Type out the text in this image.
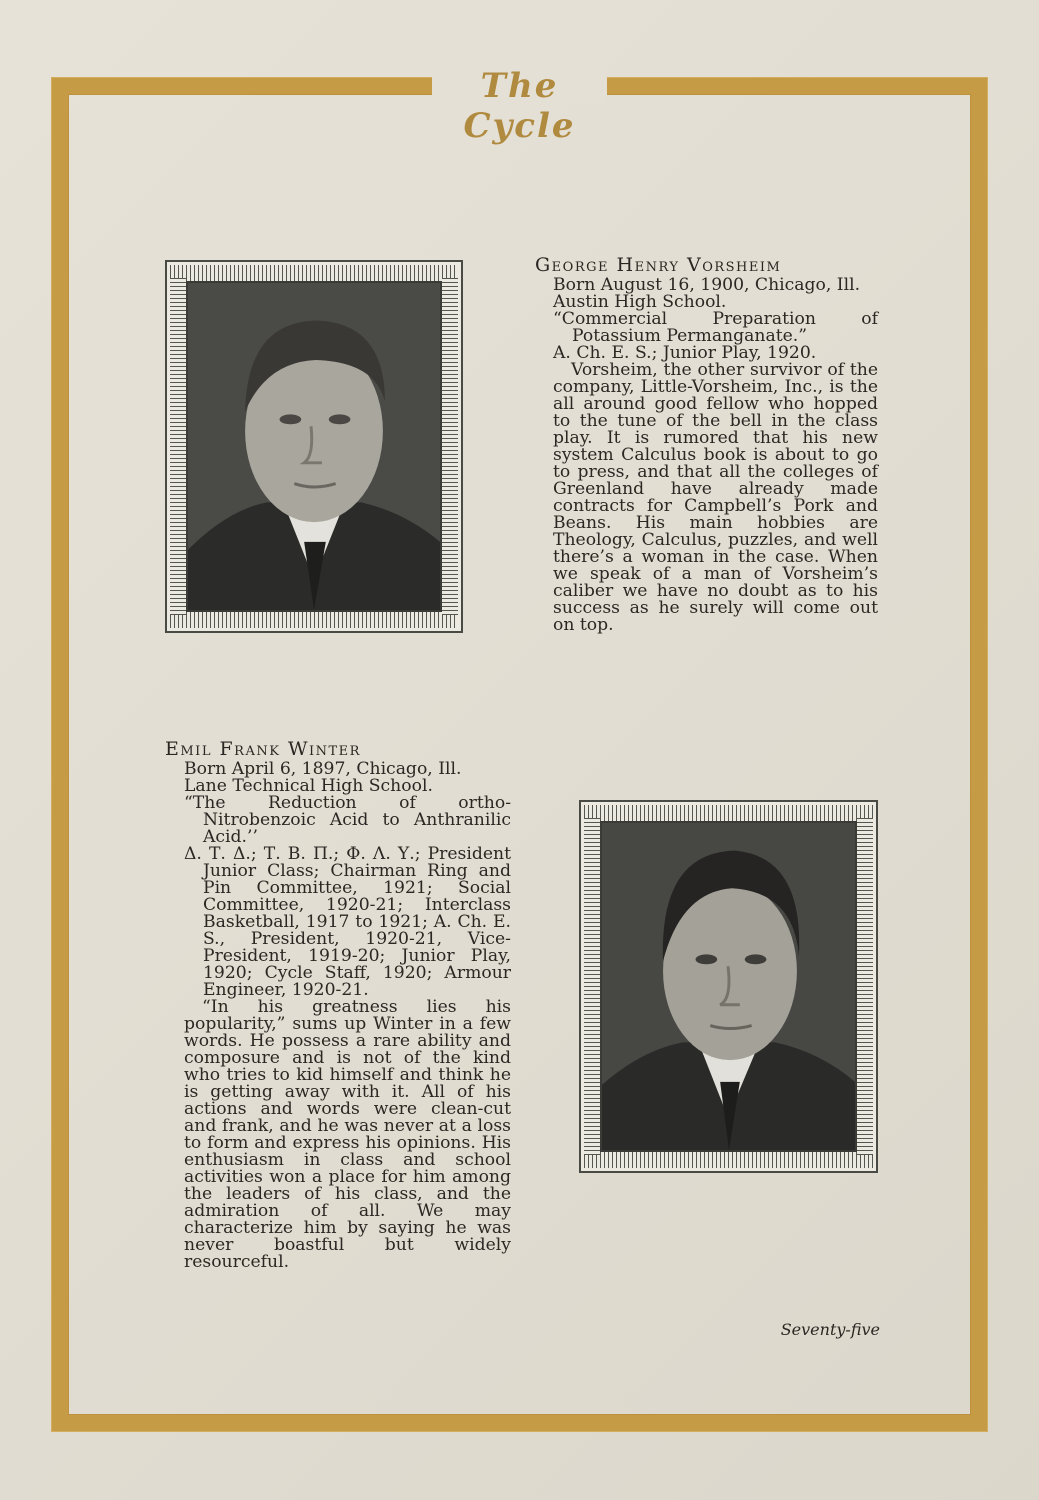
The Cycle
George Henry Vorsheim

Born August 16, 1900, Chicago, Ill.

Austin High School.

“Commercial Preparation of Potassium Permanganate.”

A. Ch. E. S.; Junior Play, 1920.

Vorsheim, the other survivor of the company, Little-Vorsheim, Inc., is the all around good fellow who hopped to the tune of the bell in the class play. It is rumored that his new system Calculus book is about to go to press, and that all the colleges of Greenland have already made contracts for Campbell’s Pork and Beans. His main hobbies are Theology, Calculus, puzzles, and well there’s a woman in the case. When we speak of a man of Vorsheim’s caliber we have no doubt as to his success as he surely will come out on top.

Emil Frank Winter

Born April 6, 1897, Chicago, Ill.

Lane Technical High School.

“The Reduction of ortho-Nitrobenzoic Acid to Anthranilic Acid.’’

Δ. Τ. Δ.; Τ. Β. Π.; Φ. Λ. Υ.; President Junior Class; Chairman Ring and Pin Committee, 1921; Social Committee, 1920-21; Interclass Basketball, 1917 to 1921; A. Ch. E. S., President, 1920-21, Vice-President, 1919-20; Junior Play, 1920; Cycle Staff, 1920; Armour Engineer, 1920-21.

“In his greatness lies his popularity,” sums up Winter in a few words. He possess a rare ability and composure and is not of the kind who tries to kid himself and think he is getting away with it. All of his actions and words were clean-cut and frank, and he was never at a loss to form and express his opinions. His enthusiasm in class and school activities won a place for him among the leaders of his class, and the admiration of all. We may characterize him by saying he was never boastful but widely resourceful.

Seventy-five
